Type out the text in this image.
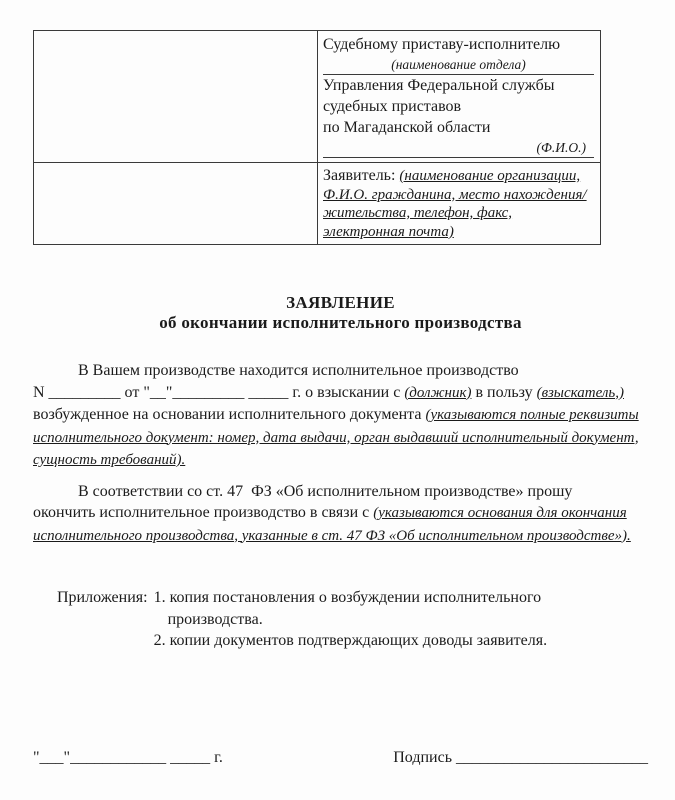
Судебному приставу-исполнителю
(наименование отдела)
Управления Федеральной службы
судебных приставов
по Магаданской области
(Ф.И.О.)

	Заявитель: (наименование организации, Ф.И.О. гражданина, место нахождения/жительства, телефон, факс, электронная почта)
ЗАЯВЛЕНИЕ
об окончании исполнительного производства

В Вашем производстве находится исполнительное производство
N _________ от "__"_________ _____ г. о взыскании с (должник) в пользу (взыскатель,) возбужденное на основании исполнительного документа (указываются полные реквизиты исполнительного документ: номер, дата выдачи, орган выдавший исполнительный документ, сущность требований).

В соответствии со ст. 47  ФЗ «Об исполнительном производстве» прошу
окончить исполнительное производство в связи с (указываются основания для окончания исполнительного производства, указанные в ст. 47 ФЗ «Об исполнительном производстве»).

Приложения: 1. копия постановления о возбуждении исполнительного производства.
2. копии документов подтверждающих доводы заявителя.
"___"____________ _____ г.	Подпись ________________________
